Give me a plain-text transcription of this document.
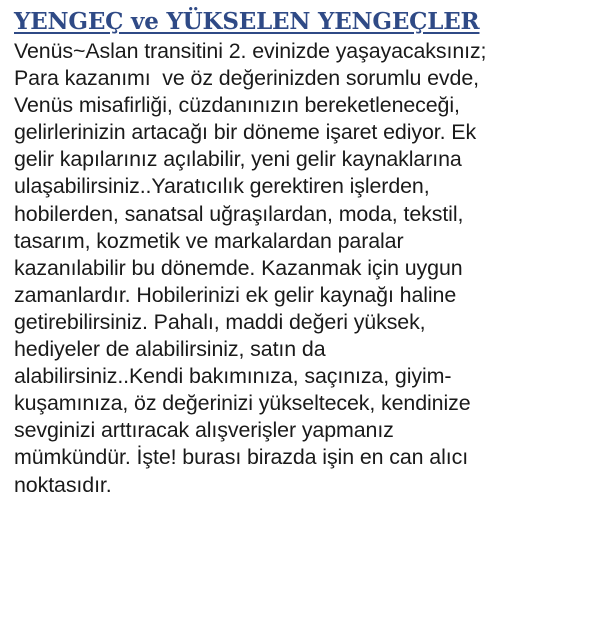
YENGEÇ ve YÜKSELEN YENGEÇLER
Venüs~Aslan transitini 2. evinizde yaşayacaksınız;
Para kazanımı  ve öz değerinizden sorumlu evde,
Venüs misafirliği, cüzdanınızın bereketleneceği,
gelirlerinizin artacağı bir döneme işaret ediyor. Ek
gelir kapılarınız açılabilir, yeni gelir kaynaklarına
ulaşabilirsiniz..Yaratıcılık gerektiren işlerden,
hobilerden, sanatsal uğraşılardan, moda, tekstil,
tasarım, kozmetik ve markalardan paralar
kazanılabilir bu dönemde. Kazanmak için uygun
zamanlardır. Hobilerinizi ek gelir kaynağı haline
getirebilirsiniz. Pahalı, maddi değeri yüksek,
hediyeler de alabilirsiniz, satın da
alabilirsiniz..Kendi bakımınıza, saçınıza, giyim-
kuşamınıza, öz değerinizi yükseltecek, kendinize
sevginizi arttıracak alışverişler yapmanız
mümkündür. İşte! burası birazda işin en can alıcı
noktasıdır.
